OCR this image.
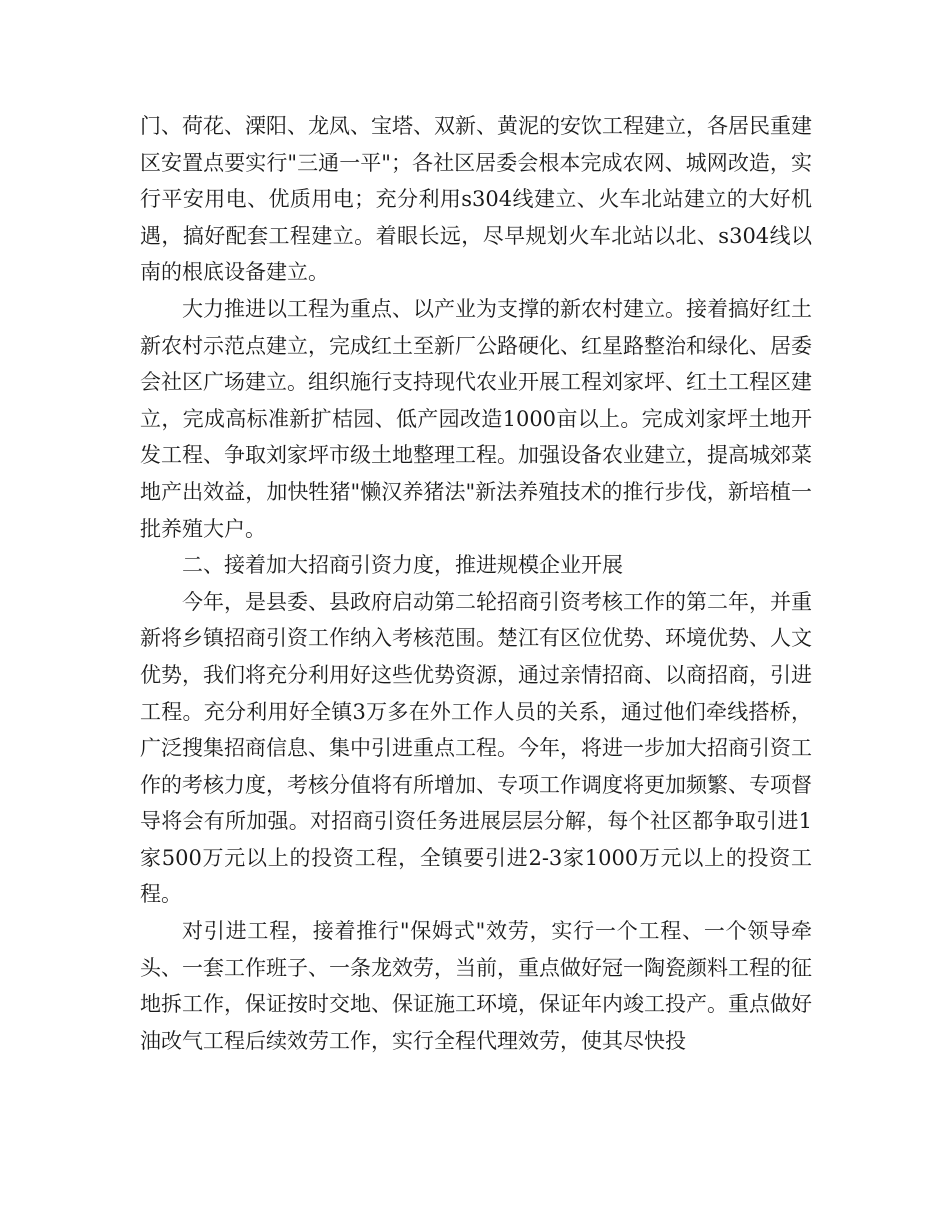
门、荷花、溧阳、龙凤、宝塔、双新、黄泥的安饮工程建立，各居民重建区安置点要实行"三通一平"；各社区居委会根本完成农网、城网改造，实行平安用电、优质用电；充分利用s304线建立、火车北站建立的大好机遇，搞好配套工程建立。着眼长远，尽早规划火车北站以北、s304线以南的根底设备建立。

大力推进以工程为重点、以产业为支撑的新农村建立。接着搞好红土新农村示范点建立，完成红土至新厂公路硬化、红星路整治和绿化、居委会社区广场建立。组织施行支持现代农业开展工程刘家坪、红土工程区建立，完成高标准新扩桔园、低产园改造1000亩以上。完成刘家坪土地开发工程、争取刘家坪市级土地整理工程。加强设备农业建立，提高城郊菜地产出效益，加快牲猪"懒汉养猪法"新法养殖技术的推行步伐，新培植一批养殖大户。

二、接着加大招商引资力度，推进规模企业开展

今年，是县委、县政府启动第二轮招商引资考核工作的第二年，并重新将乡镇招商引资工作纳入考核范围。楚江有区位优势、环境优势、人文优势，我们将充分利用好这些优势资源，通过亲情招商、以商招商，引进工程。充分利用好全镇3万多在外工作人员的关系，通过他们牵线搭桥，广泛搜集招商信息、集中引进重点工程。今年，将进一步加大招商引资工作的考核力度，考核分值将有所增加、专项工作调度将更加频繁、专项督导将会有所加强。对招商引资任务进展层层分解，每个社区都争取引进1家500万元以上的投资工程，全镇要引进2-3家1000万元以上的投资工程。

对引进工程，接着推行"保姆式"效劳，实行一个工程、一个领导牵头、一套工作班子、一条龙效劳，当前，重点做好冠一陶瓷颜料工程的征地拆工作，保证按时交地、保证施工环境，保证年内竣工投产。重点做好油改气工程后续效劳工作，实行全程代理效劳，使其尽快投
